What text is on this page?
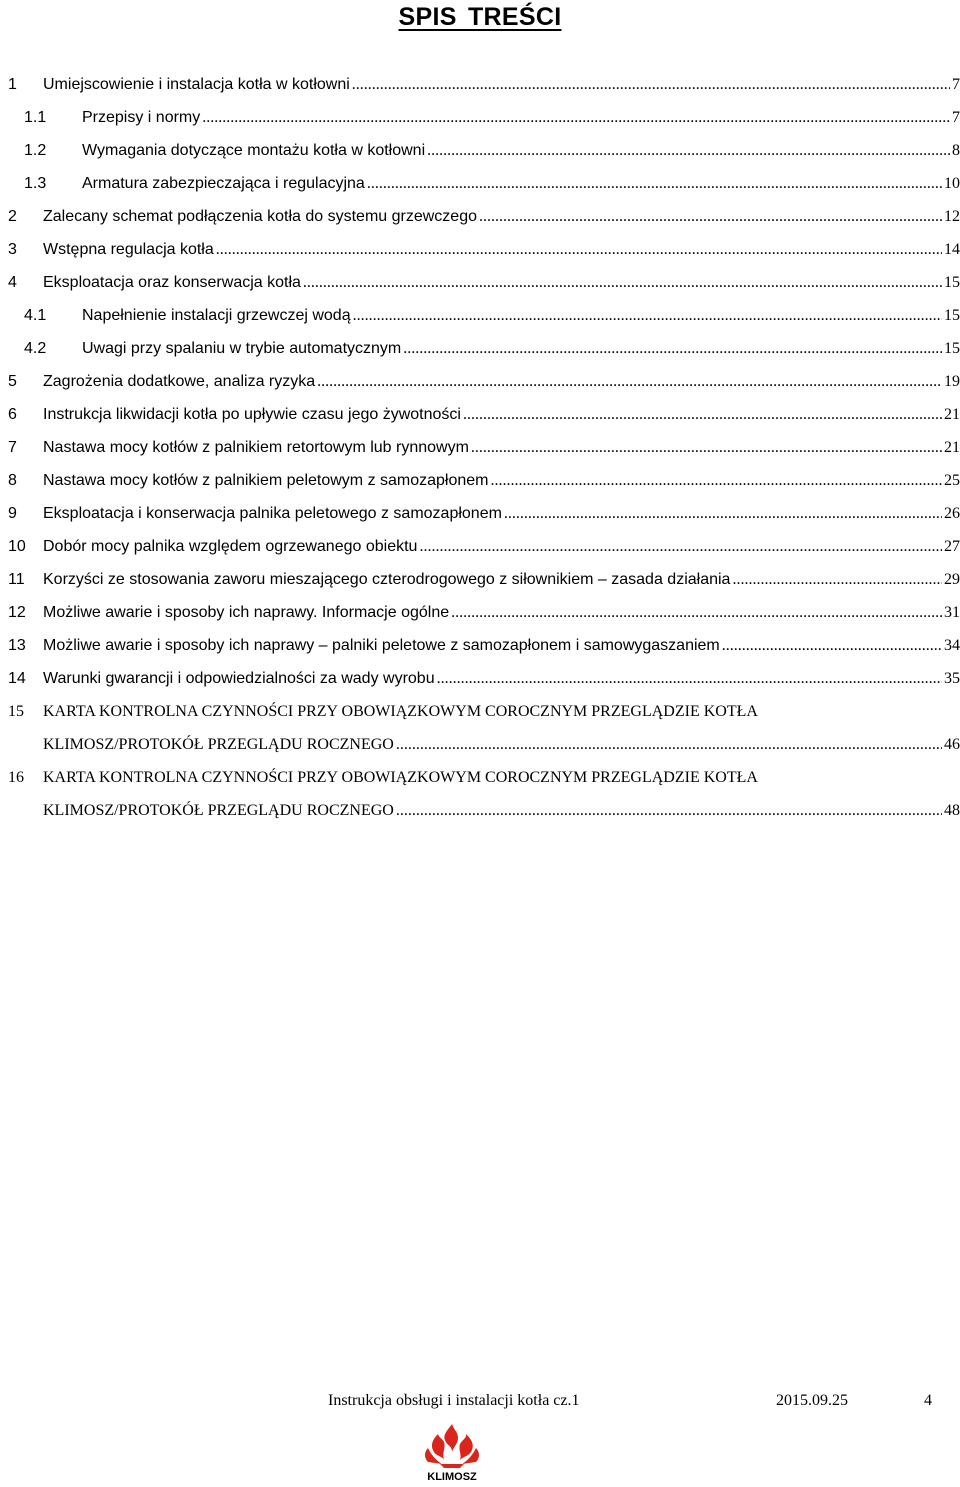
SPIS TREŚCI
1 Umiejscowienie i instalacja kotła w kotłowni .....	7
1.1 Przepisy i normy .....	7
1.2 Wymagania dotyczące montażu kotła w kotłowni .....	8
1.3 Armatura zabezpieczająca i regulacyjna .....	10
2 Zalecany schemat podłączenia kotła do systemu grzewczego .....	12
3 Wstępna regulacja kotła .....	14
4 Eksploatacja oraz konserwacja kotła .....	15
4.1 Napełnienie instalacji grzewczej wodą .....	15
4.2 Uwagi przy spalaniu w trybie automatycznym .....	15
5 Zagrożenia dodatkowe, analiza ryzyka .....	19
6 Instrukcja likwidacji kotła po upływie czasu jego żywotności .....	21
7 Nastawa mocy kotłów z palnikiem retortowym lub rynnowym .....	21
8 Nastawa mocy kotłów z palnikiem peletowym z samozapłonem .....	25
9 Eksploatacja i konserwacja palnika peletowego z samozapłonem .....	26
10 Dobór mocy palnika względem ogrzewanego obiektu .....	27
11 Korzyści ze stosowania zaworu mieszającego czterodrogowego z siłownikiem – zasada działania .....	29
12 Możliwe awarie i sposoby ich naprawy. Informacje ogólne .....	31
13 Możliwe awarie i sposoby ich naprawy – palniki peletowe z samozapłonem i samowygaszaniem .....	34
14 Warunki gwarancji i odpowiedzialności za wady wyrobu .....	35
15 KARTA KONTROLNA CZYNNOŚCI PRZY OBOWIĄZKOWYM COROCZNYM PRZEGLĄDZIE KOTŁA
KLIMOSZ/PROTOKÓŁ PRZEGLĄDU ROCZNEGO .....	46
16 KARTA KONTROLNA CZYNNOŚCI PRZY OBOWIĄZKOWYM COROCZNYM PRZEGLĄDZIE KOTŁA
KLIMOSZ/PROTOKÓŁ PRZEGLĄDU ROCZNEGO .....	48
Instrukcja obsługi i instalacji kotła cz.1	2015.09.25	4
KLIMOSZ
